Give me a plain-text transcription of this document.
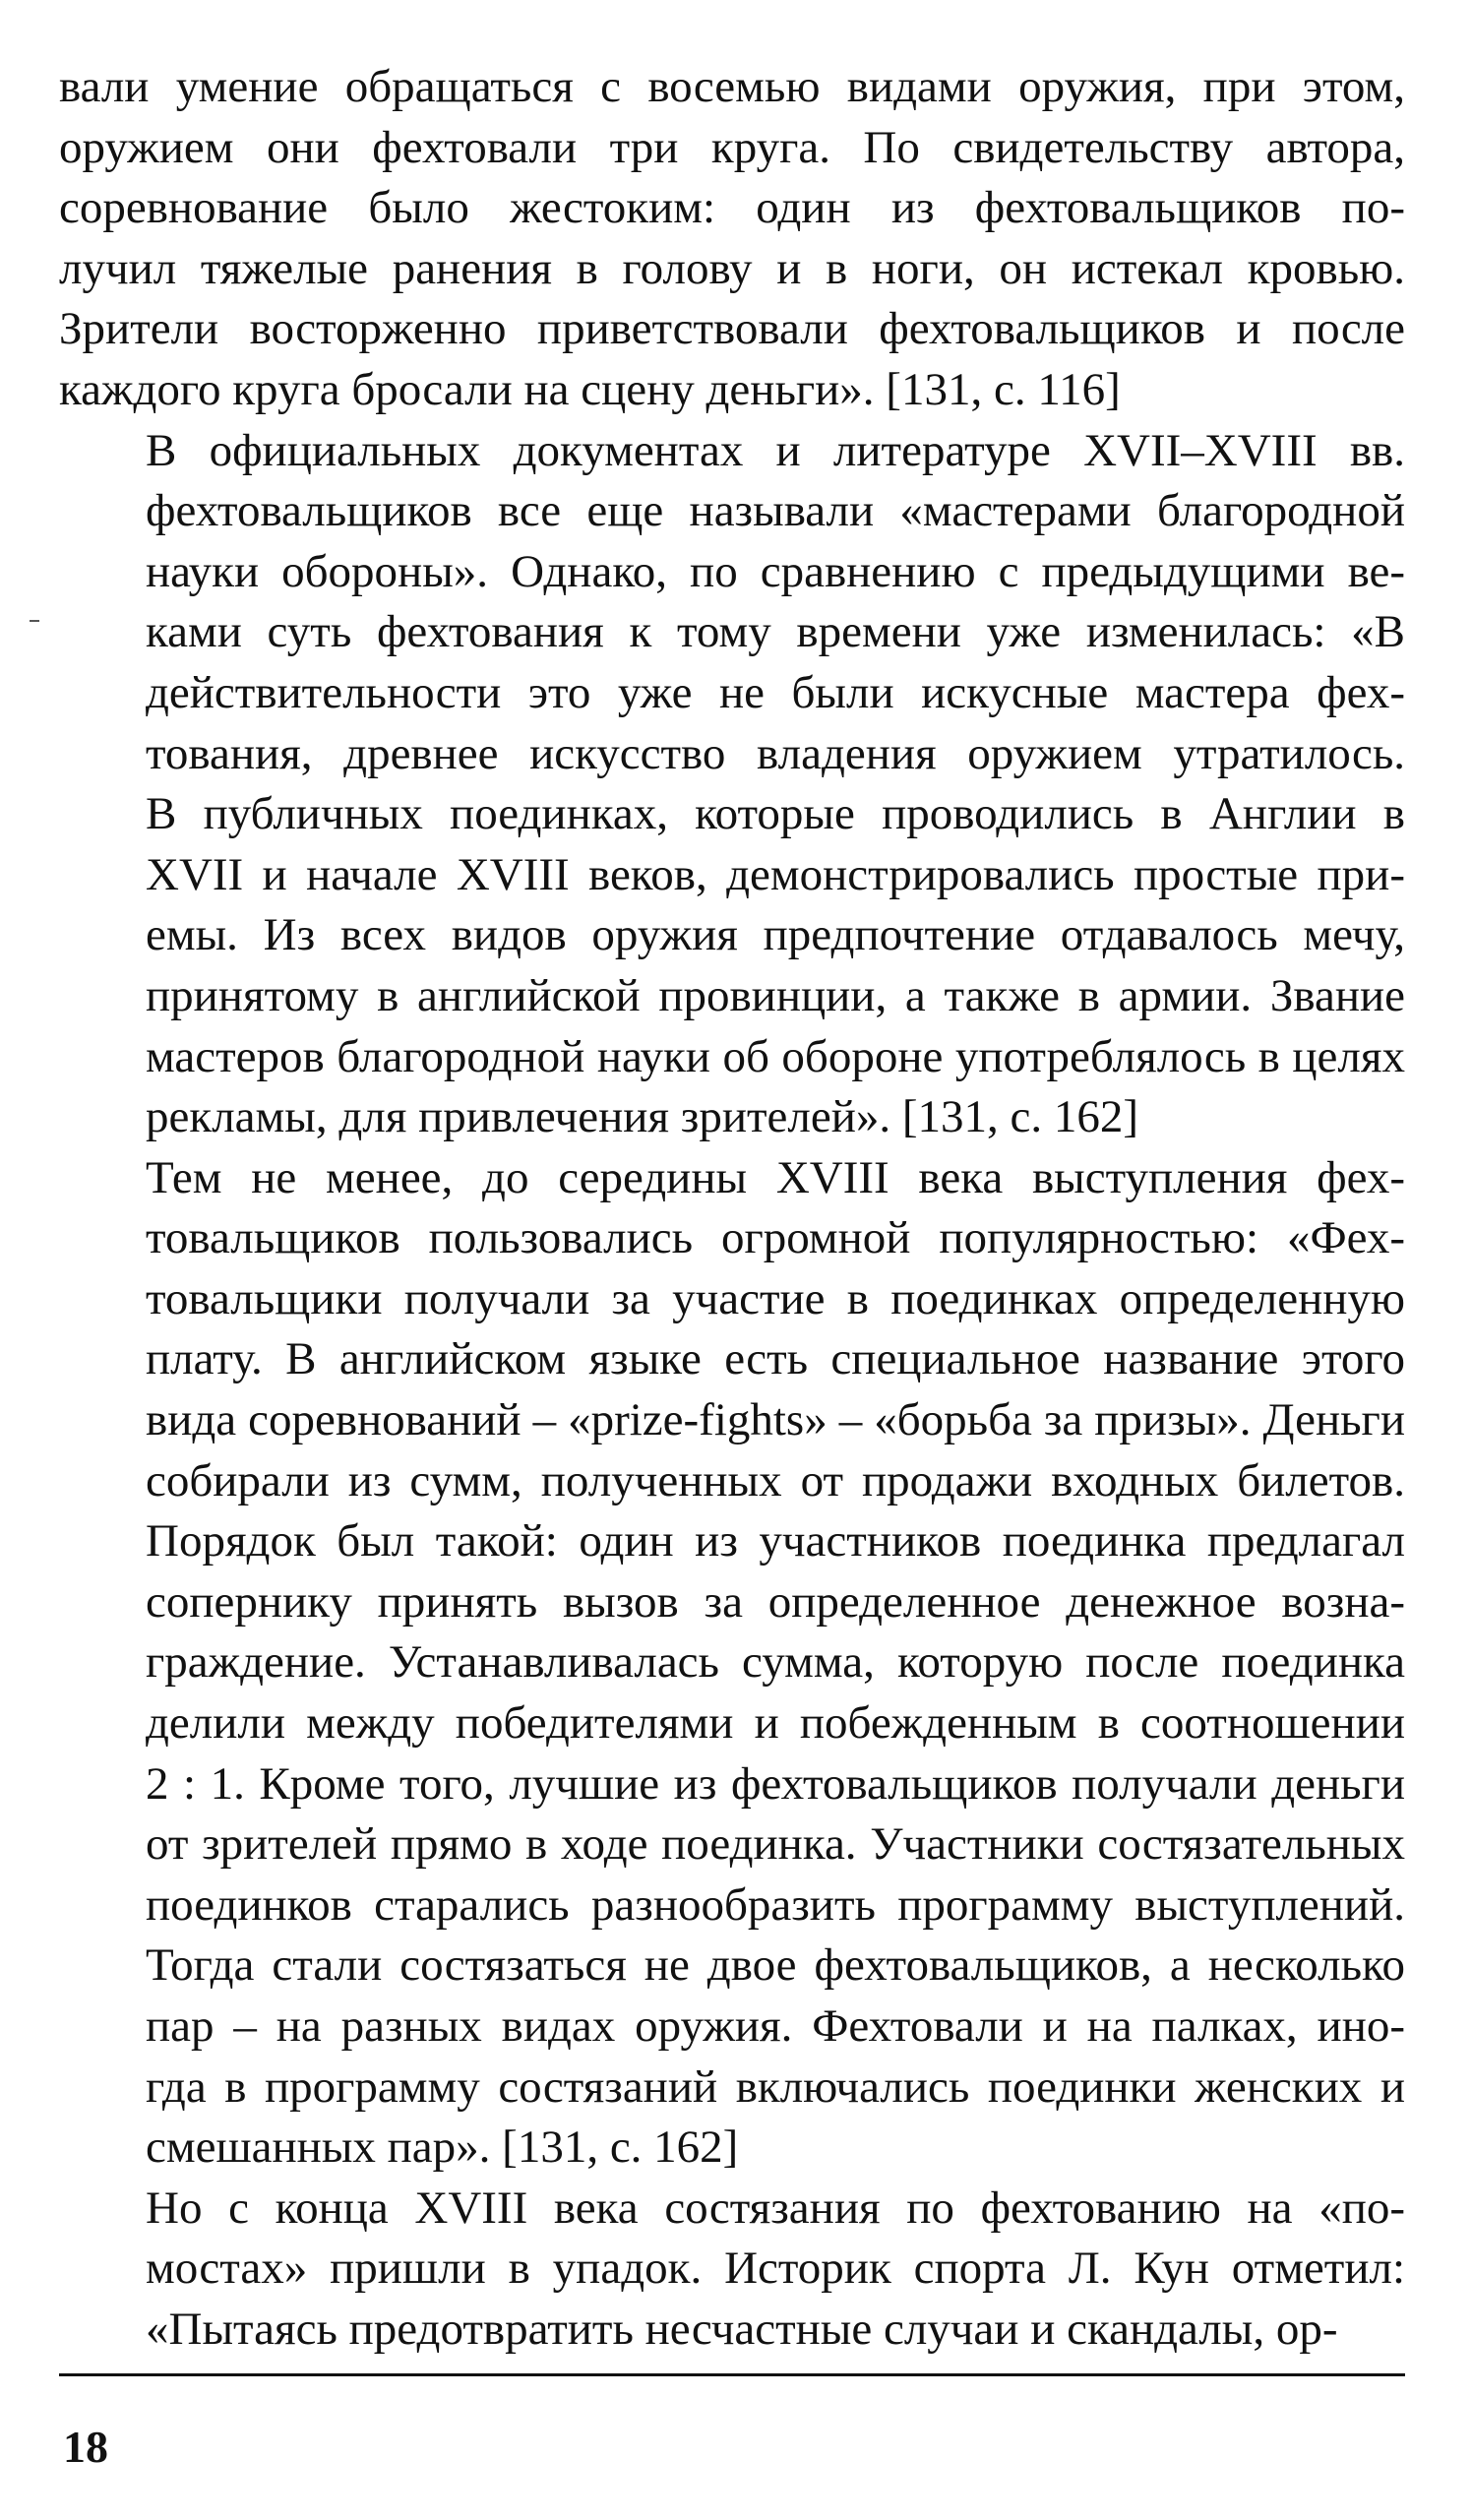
вали умение обращаться с восемью видами оружия, при этом,
оружием они фехтовали три круга. По свидетельству автора,
соревнование было жестоким: один из фехтовальщиков по-
лучил тяжелые ранения в голову и в ноги, он истекал кровью.
Зрители восторженно приветствовали фехтовальщиков и после
каждого круга бросали на сцену деньги». [131, с. 116]

В официальных документах и литературе XVII–XVIII вв.
фехтовальщиков все еще называли «мастерами благородной
науки обороны». Однако, по сравнению с предыдущими ве-
ками суть фехтования к тому времени уже изменилась: «В
действительности это уже не были искусные мастера фех-
тования, древнее искусство владения оружием утратилось.
В публичных поединках, которые проводились в Англии в
XVII и начале XVIII веков, демонстрировались простые при-
емы. Из всех видов оружия предпочтение отдавалось мечу,
принятому в английской провинции, а также в армии. Звание
мастеров благородной науки об обороне употреблялось в целях
рекламы, для привлечения зрителей». [131, с. 162]

Тем не менее, до середины XVIII века выступления фех-
товальщиков пользовались огромной популярностью: «Фех-
товальщики получали за участие в поединках определенную
плату. В английском языке есть специальное название этого
вида соревнований – «prize-fights» – «борьба за призы». Деньги
собирали из сумм, полученных от продажи входных билетов.
Порядок был такой: один из участников поединка предлагал
сопернику принять вызов за определенное денежное возна-
граждение. Устанавливалась сумма, которую после поединка
делили между победителями и побежденным в соотношении
2 : 1. Кроме того, лучшие из фехтовальщиков получали деньги
от зрителей прямо в ходе поединка. Участники состязательных
поединков старались разнообразить программу выступлений.
Тогда стали состязаться не двое фехтовальщиков, а несколько
пар – на разных видах оружия. Фехтовали и на палках, ино-
гда в программу состязаний включались поединки женских и
смешанных пар». [131, с. 162]

Но с конца XVIII века состязания по фехтованию на «по-
мостах» пришли в упадок. Историк спорта Л. Кун отметил:
«Пытаясь предотвратить несчастные случаи и скандалы, ор-

18
